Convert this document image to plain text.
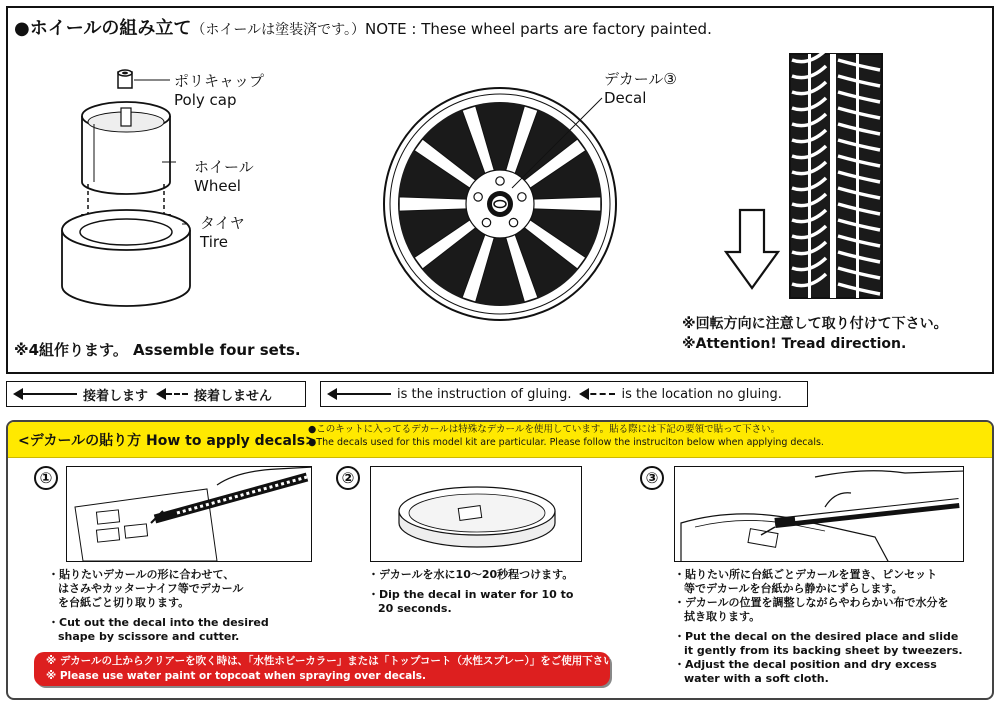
●ホイールの組み立て（ホイールは塗装済です。）NOTE : These wheel parts are factory painted.
ポリキャップ
Poly cap
ホイール
Wheel
タイヤ
Tire
※4組作ります。 Assemble four sets.
デカール③
Decal
※回転方向に注意して取り付けて下さい。
※Attention! Tread direction.
接着します	接着しません	is the instruction of gluing.	is the location no gluing.
<デカールの貼り方 How to apply decals>

●このキットに入ってるデカールは特殊なデカールを使用しています。貼る際には下記の要領で貼って下さい。

●The decals used for this model kit are particular. Please follow the instruciton below when applying decals.

①

・貼りたいデカールの形に合わせて、

はさみやカッターナイフ等でデカール

を台紙ごと切り取ります。

・Cut out the decal into the desired

shape by scissore and cutter.

②

・デカールを水に10〜20秒程つけます。

・Dip the decal in water for 10 to

20 seconds.

③

・貼りたい所に台紙ごとデカールを置き、ピンセット

等でデカールを台紙から静かにずらします。

・デカールの位置を調整しながらやわらかい布で水分を

拭き取ります。

・Put the decal on the desired place and slide

it gently from its backing sheet by tweezers.

・Adjust the decal position and dry excess

water with a soft cloth.

※ デカールの上からクリアーを吹く時は、「水性ホビーカラー」または「トップコート（水性スプレー）」をご使用下さい。

※ Please use water paint or topcoat when spraying over decals.
